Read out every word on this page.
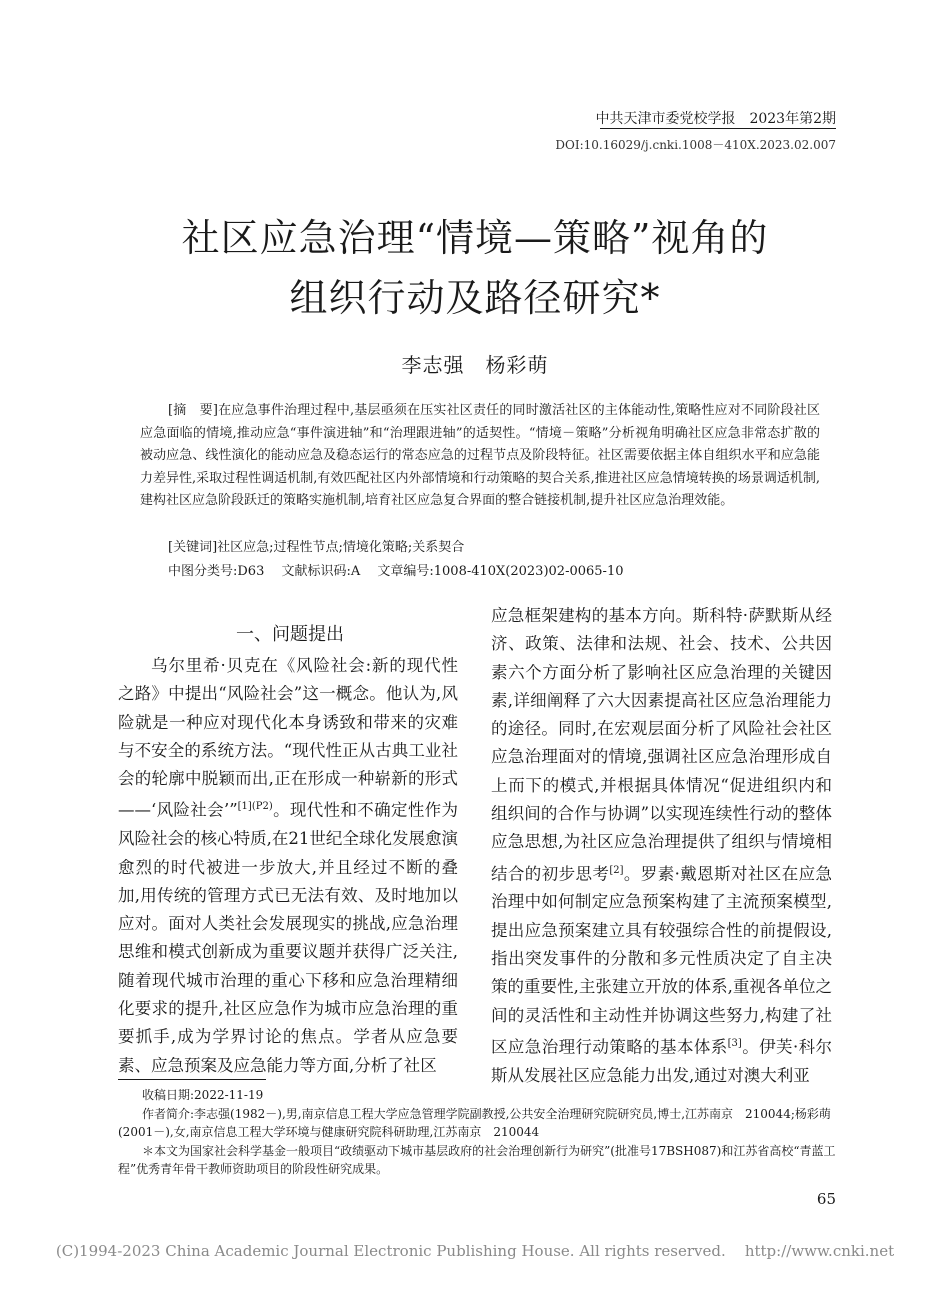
中共天津市委党校学报　2023年第2期
DOI:10.16029/j.cnki.1008－410X.2023.02.007
社区应急治理“情境—策略”视角的
组织行动及路径研究*
李志强　杨彩萌

[摘　要]在应急事件治理过程中,基层亟须在压实社区责任的同时激活社区的主体能动性,策略性应对不同阶段社区应急面临的情境,推动应急“事件演进轴”和“治理跟进轴”的适契性。“情境－策略”分析视角明确社区应急非常态扩散的被动应急、线性演化的能动应急及稳态运行的常态应急的过程节点及阶段特征。社区需要依据主体自组织水平和应急能力差异性,采取过程性调适机制,有效匹配社区内外部情境和行动策略的契合关系,推进社区应急情境转换的场景调适机制,建构社区应急阶段跃迁的策略实施机制,培育社区应急复合界面的整合链接机制,提升社区应急治理效能。

[关键词]社区应急;过程性节点;情境化策略;关系契合
中图分类号:D63　 文献标识码:A　 文章编号:1008-410X(2023)02-0065-10
一、问题提出

乌尔里希·贝克在《风险社会:新的现代性之路》中提出“风险社会”这一概念。他认为,风险就是一种应对现代化本身诱致和带来的灾难与不安全的系统方法。“现代性正从古典工业社会的轮廓中脱颖而出,正在形成一种崭新的形式——‘风险社会’”$^{[1](P2)}$。现代性和不确定性作为风险社会的核心特质,在21世纪全球化发展愈演愈烈的时代被进一步放大,并且经过不断的叠加,用传统的管理方式已无法有效、及时地加以应对。面对人类社会发展现实的挑战,应急治理思维和模式创新成为重要议题并获得广泛关注,随着现代城市治理的重心下移和应急治理精细化要求的提升,社区应急作为城市应急治理的重要抓手,成为学界讨论的焦点。学者从应急要素、应急预案及应急能力等方面,分析了社区

应急框架建构的基本方向。斯科特·萨默斯从经济、政策、法律和法规、社会、技术、公共因素六个方面分析了影响社区应急治理的关键因素,详细阐释了六大因素提高社区应急治理能力的途径。同时,在宏观层面分析了风险社会社区应急治理面对的情境,强调社区应急治理形成自上而下的模式,并根据具体情况“促进组织内和组织间的合作与协调”以实现连续性行动的整体应急思想,为社区应急治理提供了组织与情境相结合的初步思考[2]。罗素·戴恩斯对社区在应急治理中如何制定应急预案构建了主流预案模型,提出应急预案建立具有较强综合性的前提假设,指出突发事件的分散和多元性质决定了自主决策的重要性,主张建立开放的体系,重视各单位之间的灵活性和主动性并协调这些努力,构建了社区应急治理行动策略的基本体系[3]。伊芙·科尔斯从发展社区应急能力出发,通过对澳大利亚

收稿日期:2022-11-19

作者简介:李志强(1982－),男,南京信息工程大学应急管理学院副教授,公共安全治理研究院研究员,博士,江苏南京　210044;杨彩萌(2001－),女,南京信息工程大学环境与健康研究院科研助理,江苏南京　210044

＊本文为国家社会科学基金一般项目“政绩驱动下城市基层政府的社会治理创新行为研究”(批准号17BSH087)和江苏省高校“青蓝工程”优秀青年骨干教师资助项目的阶段性研究成果。

65
(C)1994-2023 China Academic Journal Electronic Publishing House. All rights reserved.    http://www.cnki.net
